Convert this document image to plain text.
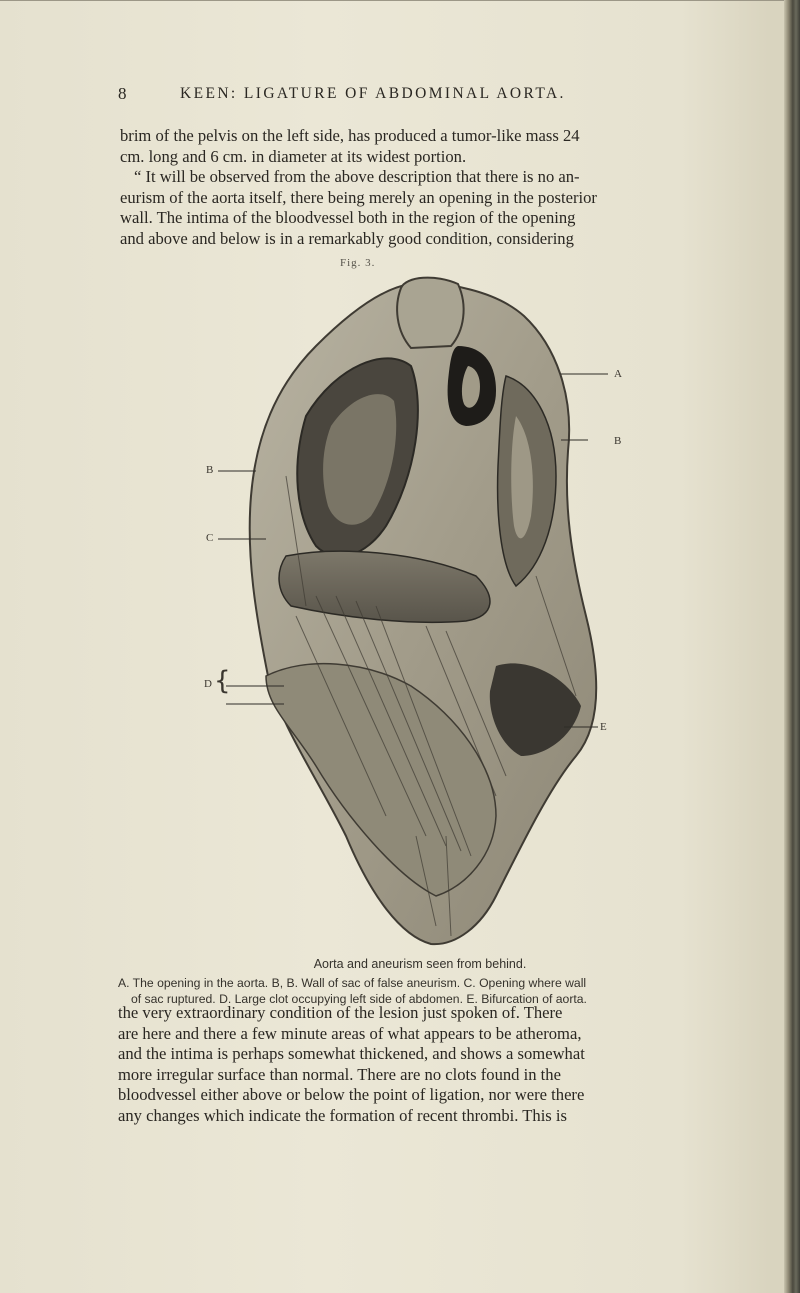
8	KEEN: LIGATURE OF ABDOMINAL AORTA.

brim of the pelvis on the left side, has produced a tumor-like mass 24
cm. long and 6 cm. in diameter at its widest portion.
“ It will be observed from the above description that there is no an-
eurism of the aorta itself, there being merely an opening in the posterior
wall. The intima of the bloodvessel both in the region of the opening
and above and below is in a remarkably good condition, considering

Fig. 3.
A
B
B
C
D {
E
Aorta and aneurism seen from behind.
A. The opening in the aorta. B, B. Wall of sac of false aneurism. C. Opening where wall
of sac ruptured. D. Large clot occupying left side of abdomen. E. Bifurcation of aorta.

the very extraordinary condition of the lesion just spoken of. There
are here and there a few minute areas of what appears to be atheroma,
and the intima is perhaps somewhat thickened, and shows a somewhat
more irregular surface than normal. There are no clots found in the
bloodvessel either above or below the point of ligation, nor were there
any changes which indicate the formation of recent thrombi. This is
